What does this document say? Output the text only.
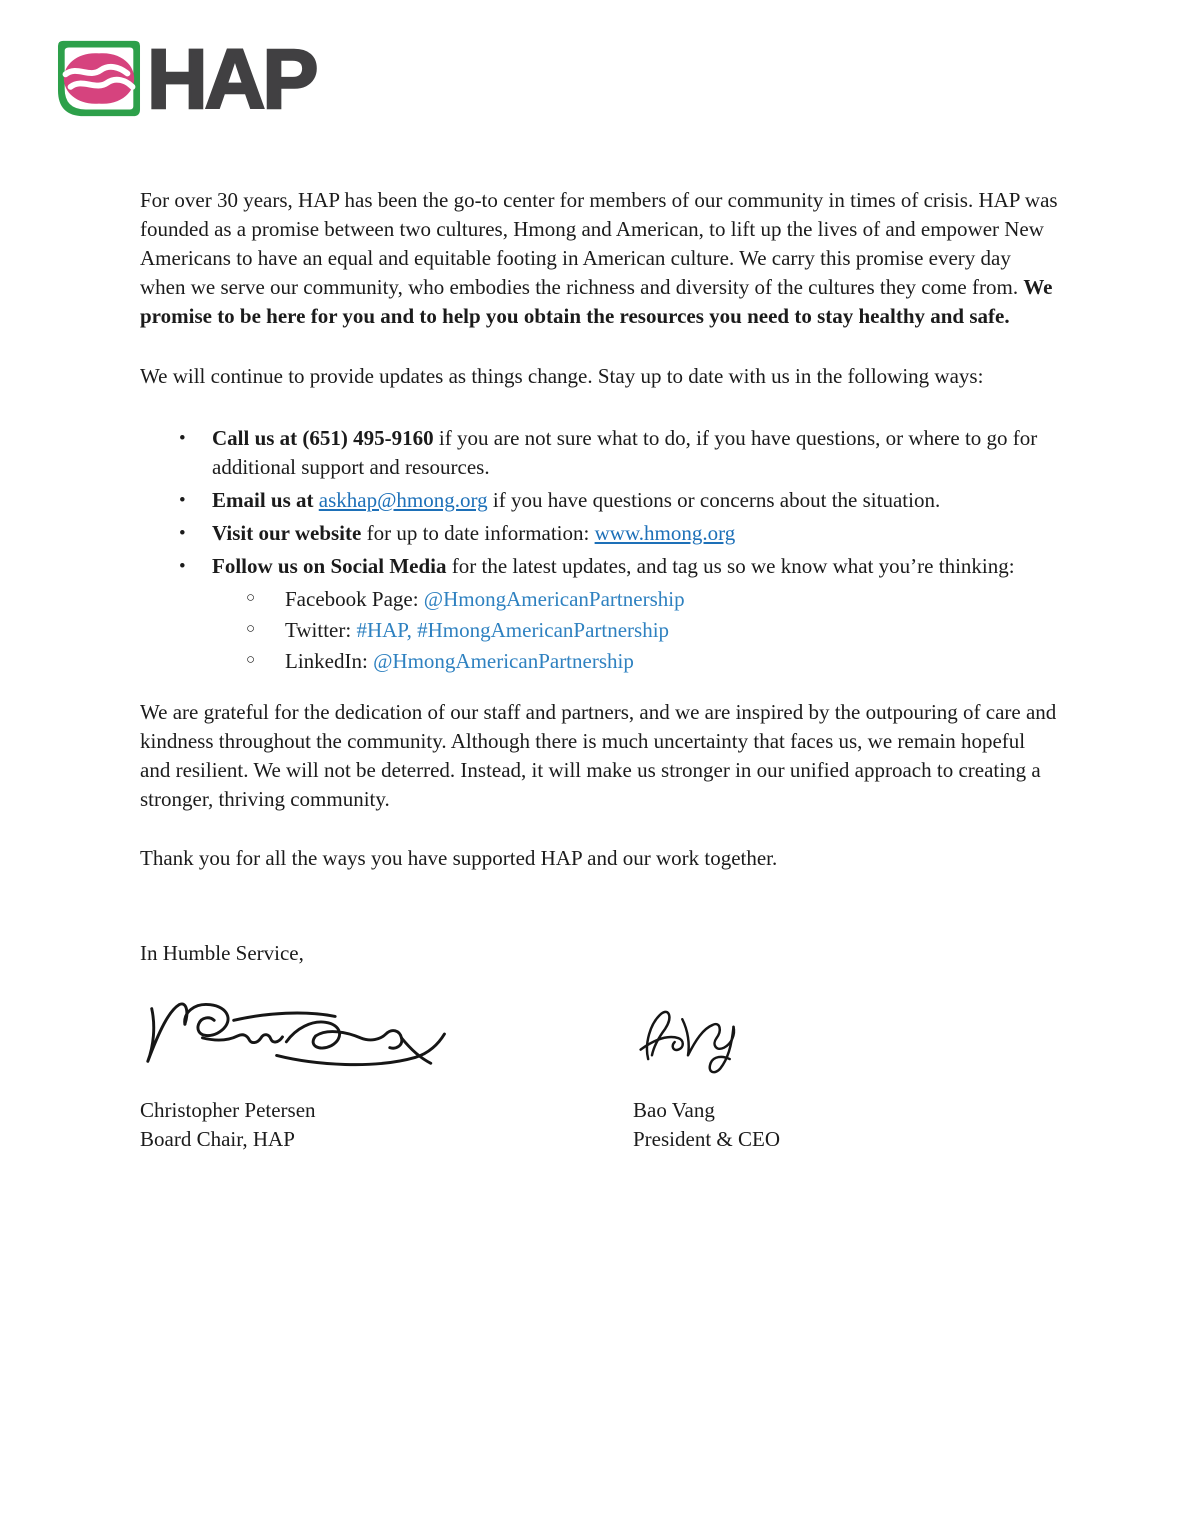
HAP

For over 30 years, HAP has been the go-to center for members of our community in times of crisis. HAP was founded as a promise between two cultures, Hmong and American, to lift up the lives of and empower New Americans to have an equal and equitable footing in American culture. We carry this promise every day when we serve our community, who embodies the richness and diversity of the cultures they come from. We promise to be here for you and to help you obtain the resources you need to stay healthy and safe.

We will continue to provide updates as things change. Stay up to date with us in the following ways:

• Call us at (651) 495-9160 if you are not sure what to do, if you have questions, or where to go for additional support and resources.
• Email us at askhap@hmong.org if you have questions or concerns about the situation.
• Visit our website for up to date information: www.hmong.org
• Follow us on Social Media for the latest updates, and tag us so we know what you’re thinking:
○ Facebook Page: @HmongAmericanPartnership
○ Twitter: #HAP, #HmongAmericanPartnership
○ LinkedIn: @HmongAmericanPartnership

We are grateful for the dedication of our staff and partners, and we are inspired by the outpouring of care and kindness throughout the community. Although there is much uncertainty that faces us, we remain hopeful and resilient. We will not be deterred. Instead, it will make us stronger in our unified approach to creating a stronger, thriving community.

Thank you for all the ways you have supported HAP and our work together.

In Humble Service,

Christopher Petersen
Board Chair, HAP
Bao Vang
President & CEO
